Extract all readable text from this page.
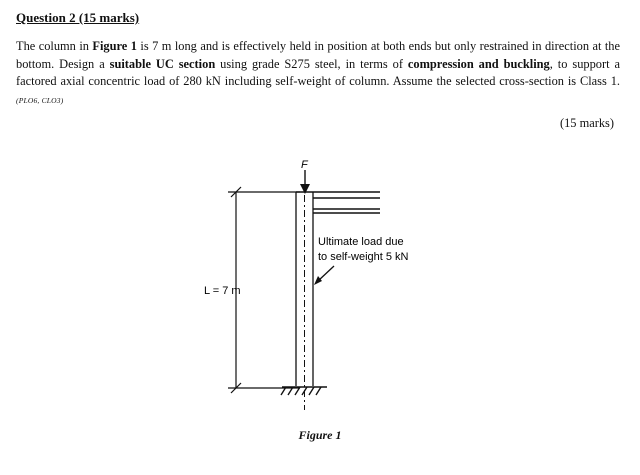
Question 2 (15 marks)
The column in Figure 1 is 7 m long and is effectively held in position at both ends but only restrained in direction at the bottom. Design a suitable UC section using grade S275 steel, in terms of compression and buckling, to support a factored axial concentric load of 280 kN including self-weight of column. Assume the selected cross-section is Class 1. (PLO6, CLO3)
(15 marks)
F
L = 7 m
Ultimate load due
to self-weight 5 kN
Figure 1
